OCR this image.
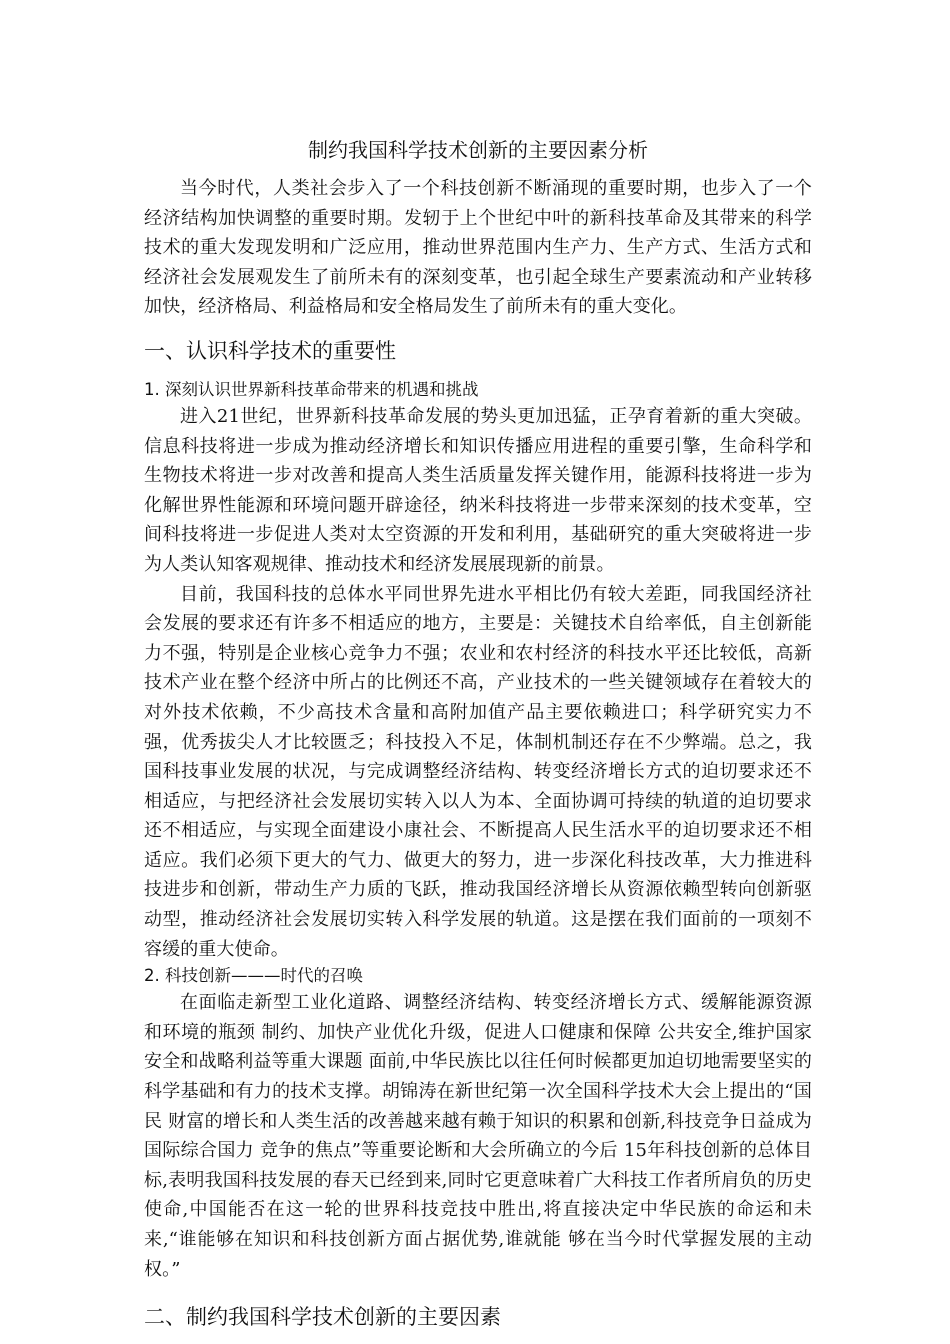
制约我国科学技术创新的主要因素分析

当今时代，人类社会步入了一个科技创新不断涌现的重要时期，也步入了一个经济结构加快调整的重要时期。发轫于上个世纪中叶的新科技革命及其带来的科学技术的重大发现发明和广泛应用，推动世界范围内生产力、生产方式、生活方式和经济社会发展观发生了前所未有的深刻变革，也引起全球生产要素流动和产业转移加快，经济格局、利益格局和安全格局发生了前所未有的重大变化。

一、认识科学技术的重要性
1. 深刻认识世界新科技革命带来的机遇和挑战

进入21世纪，世界新科技革命发展的势头更加迅猛，正孕育着新的重大突破。信息科技将进一步成为推动经济增长和知识传播应用进程的重要引擎，生命科学和生物技术将进一步对改善和提高人类生活质量发挥关键作用，能源科技将进一步为化解世界性能源和环境问题开辟途径，纳米科技将进一步带来深刻的技术变革，空间科技将进一步促进人类对太空资源的开发和利用，基础研究的重大突破将进一步为人类认知客观规律、推动技术和经济发展展现新的前景。

目前，我国科技的总体水平同世界先进水平相比仍有较大差距，同我国经济社会发展的要求还有许多不相适应的地方，主要是：关键技术自给率低，自主创新能力不强，特别是企业核心竞争力不强；农业和农村经济的科技水平还比较低，高新技术产业在整个经济中所占的比例还不高，产业技术的一些关键领域存在着较大的对外技术依赖，不少高技术含量和高附加值产品主要依赖进口；科学研究实力不强，优秀拔尖人才比较匮乏；科技投入不足，体制机制还存在不少弊端。总之，我国科技事业发展的状况，与完成调整经济结构、转变经济增长方式的迫切要求还不相适应，与把经济社会发展切实转入以人为本、全面协调可持续的轨道的迫切要求还不相适应，与实现全面建设小康社会、不断提高人民生活水平的迫切要求还不相适应。我们必须下更大的气力、做更大的努力，进一步深化科技改革，大力推进科技进步和创新，带动生产力质的飞跃，推动我国经济增长从资源依赖型转向创新驱动型，推动经济社会发展切实转入科学发展的轨道。这是摆在我们面前的一项刻不容缓的重大使命。

2. 科技创新———时代的召唤

在面临走新型工业化道路、调整经济结构、转变经济增长方式、缓解能源资源和环境的瓶颈 制约、加快产业优化升级，促进人口健康和保障 公共安全,维护国家安全和战略利益等重大课题 面前,中华民族比以往任何时候都更加迫切地需要坚实的科学基础和有力的技术支撑。胡锦涛在新世纪第一次全国科学技术大会上提出的“国民 财富的增长和人类生活的改善越来越有赖于知识的积累和创新,科技竞争日益成为国际综合国力 竞争的焦点”等重要论断和大会所确立的今后 15年科技创新的总体目标,表明我国科技发展的春天已经到来,同时它更意味着广大科技工作者所肩负的历史使命,中国能否在这一轮的世界科技竞技中胜出,将直接决定中华民族的命运和未来,“谁能够在知识和科技创新方面占据优势,谁就能 够在当今时代掌握发展的主动权。”

二、制约我国科学技术创新的主要因素
